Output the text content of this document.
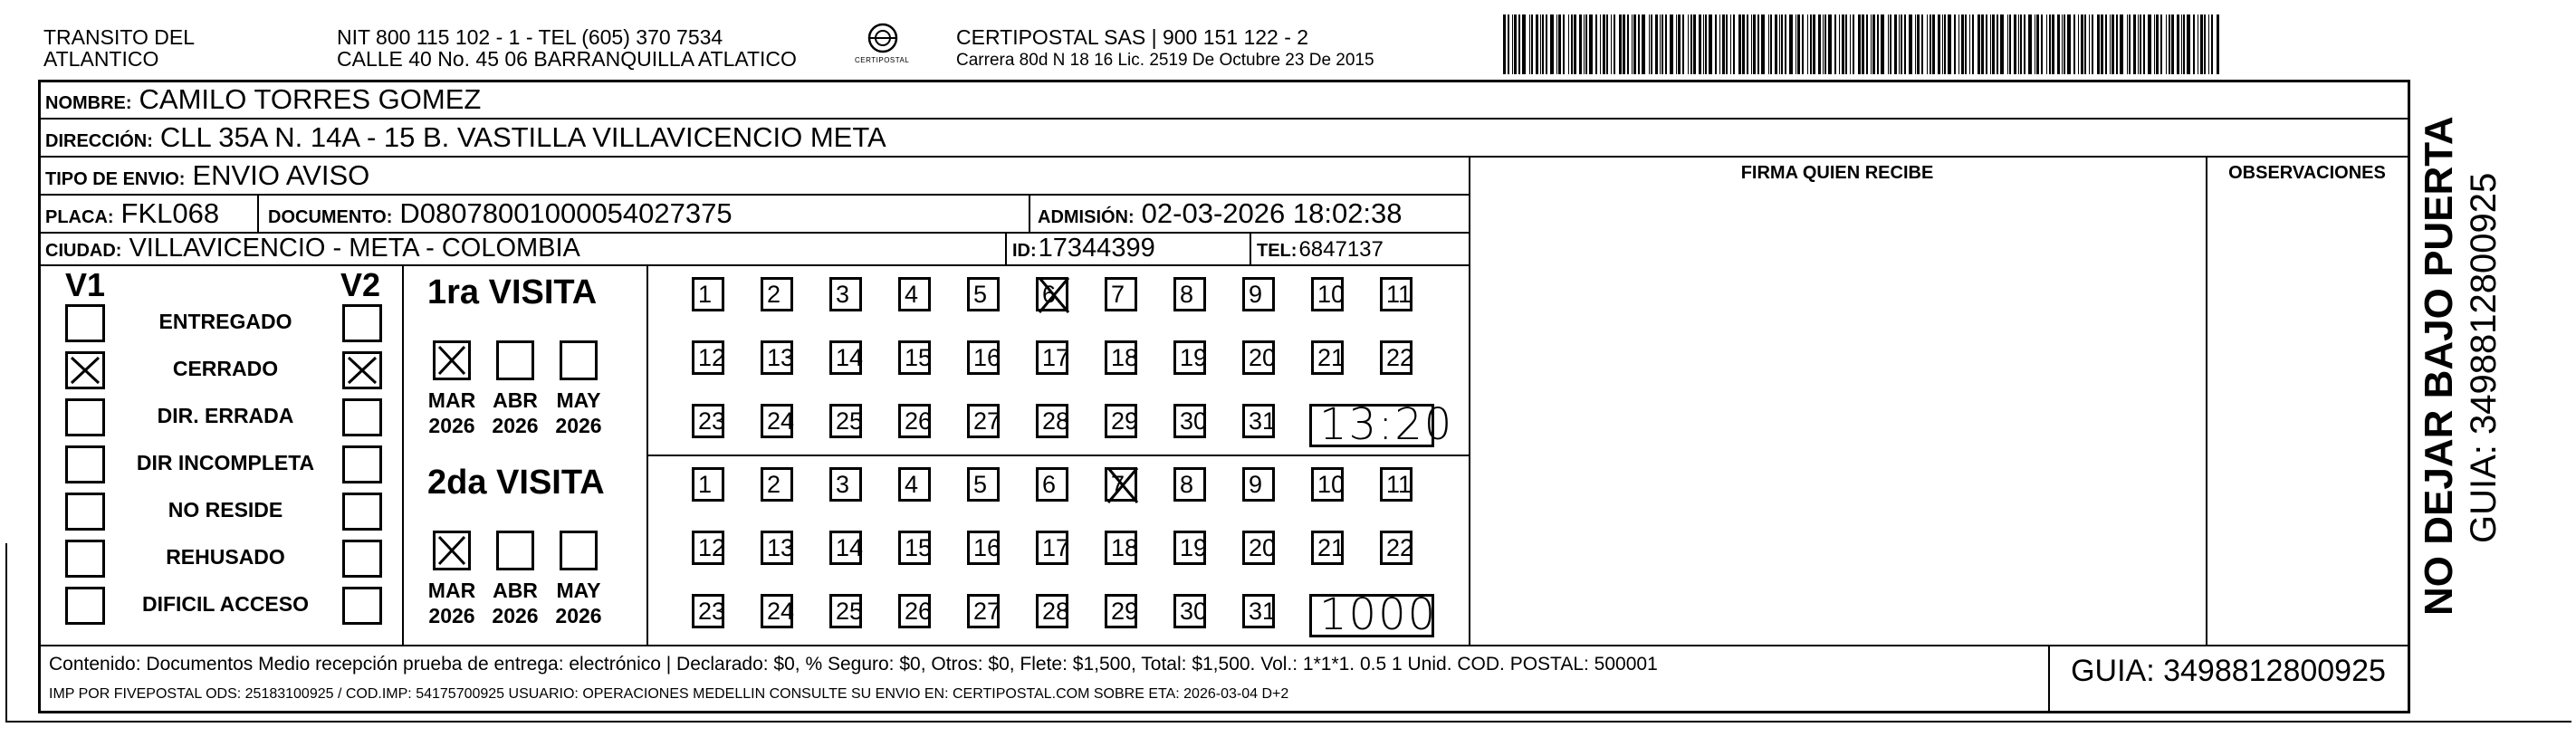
TRANSITO DEL
ATLANTICO
NIT 800 115 102 - 1 - TEL (605) 370 7534
CALLE 40 No. 45 06 BARRANQUILLA ATLATICO	CERTIPOSTAL
CERTIPOSTAL SAS | 900 151 122 - 2
Carrera 80d N 18 16 Lic. 2519 De Octubre 23 De 2015
NOMBRE: CAMILO TORRES GOMEZ
DIRECCIÓN: CLL 35A N. 14A - 15 B. VASTILLA VILLAVICENCIO META
TIPO DE ENVIO: ENVIO AVISO	FIRMA QUIEN RECIBE	OBSERVACIONES
PLACA: FKL068	DOCUMENTO: D08078001000054027375	ADMISIÓN: 02-03-2026 18:02:38
CIUDAD: VILLAVICENCIO - META - COLOMBIA	ID: 17344399	TEL: 6847137
V1	V2
ENTREGADO
CERRADO
DIR. ERRADA
DIR INCOMPLETA
NO RESIDE
REHUSADO
DIFICIL ACCESO
1ra VISITA
MAR
2026
ABR
2026
MAY
2026
1	2	3	4	5	6	7	8	9	10 11
12 13 14 15 16 17 18 19 20 21 22
23 24 25 26 27 28 29 30 31 13:20
2da VISITA
MAR
2026
ABR
2026
MAY
2026
1	2	3	4	5	6	7	8	9	10 11
12 13 14 15 16 17 18 19 20 21 22
23 24 25 26 27 28 29 30 31 1000
Contenido: Documentos Medio recepción prueba de entrega: electrónico | Declarado: $0, % Seguro: $0, Otros: $0, Flete: $1,500, Total: $1,500. Vol.: 1*1*1. 0.5 1 Unid. COD. POSTAL: 500001
IMP POR FIVEPOSTAL ODS: 25183100925 / COD.IMP: 54175700925 USUARIO: OPERACIONES MEDELLIN CONSULTE SU ENVIO EN: CERTIPOSTAL.COM SOBRE ETA: 2026-03-04 D+2
GUIA: 3498812800925
NO DEJAR BAJO PUERTA GUIA: 3498812800925
